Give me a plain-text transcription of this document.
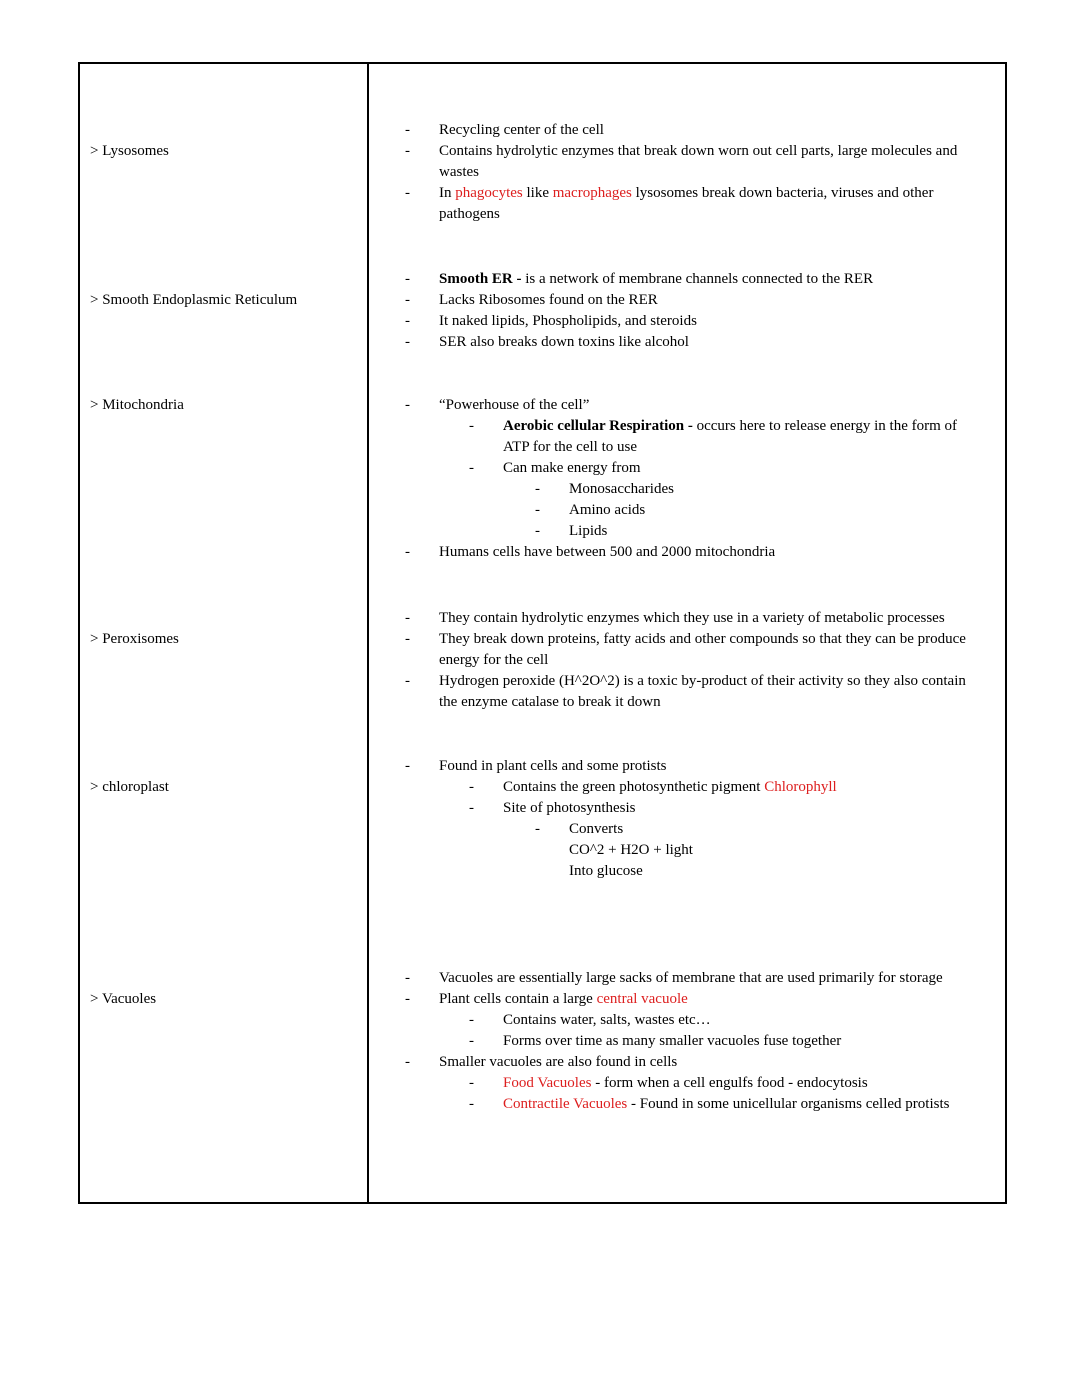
> Lysosomes
-	Recycling center of the cell
-	Contains hydrolytic enzymes that break down worn out cell parts, large molecules and wastes
-	In phagocytes like macrophages lysosomes break down bacteria, viruses and other pathogens
> Smooth Endoplasmic Reticulum
-	Smooth ER - is a network of membrane channels connected to the RER
-	Lacks Ribosomes found on the RER
-	It naked lipids, Phospholipids, and steroids
-	SER also breaks down toxins like alcohol
> Mitochondria	-	“Powerhouse of the cell”
-	Aerobic cellular Respiration - occurs here to release energy in the form of ATP for the cell to use
-	Can make energy from
-	Monosaccharides
-	Amino acids
-	Lipids
-	Humans cells have between 500 and 2000 mitochondria
> Peroxisomes
-	They contain hydrolytic enzymes which they use in a variety of metabolic processes
-	They break down proteins, fatty acids and other compounds so that they can be produce energy for the cell
-	Hydrogen peroxide (H^2O^2) is a toxic by-product of their activity so they also contain the enzyme catalase to break it down
> chloroplast
-	Found in plant cells and some protists
-	Contains the green photosynthetic pigment Chlorophyll
-	Site of photosynthesis
-	Converts
CO^2 + H2O + light
Into glucose
> Vacuoles
-	Vacuoles are essentially large sacks of membrane that are used primarily for storage
-	Plant cells contain a large central vacuole
-	Contains water, salts, wastes etc…
-	Forms over time as many smaller vacuoles fuse together
-	Smaller vacuoles are also found in cells
-	Food Vacuoles - form when a cell engulfs food - endocytosis
-	Contractile Vacuoles - Found in some unicellular organisms celled protists
